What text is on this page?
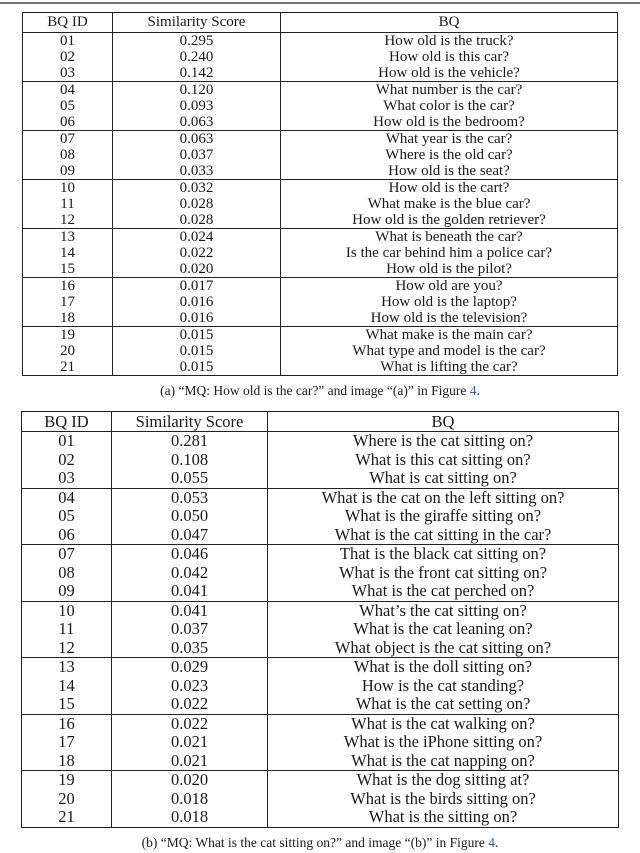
BQ ID	Similarity Score	BQ
01	0.295	How old is the truck?
02	0.240	How old is this car?
03	0.142	How old is the vehicle?
04	0.120	What number is the car?
05	0.093	What color is the car?
06	0.063	How old is the bedroom?
07	0.063	What year is the car?
08	0.037	Where is the old car?
09	0.033	How old is the seat?
10	0.032	How old is the cart?
11	0.028	What make is the blue car?
12	0.028	How old is the golden retriever?
13	0.024	What is beneath the car?
14	0.022	Is the car behind him a police car?
15	0.020	How old is the pilot?
16	0.017	How old are you?
17	0.016	How old is the laptop?
18	0.016	How old is the television?
19	0.015	What make is the main car?
20	0.015	What type and model is the car?
21	0.015	What is lifting the car?
(a) “MQ: How old is the car?” and image “(a)” in Figure 4.
BQ ID	Similarity Score	BQ
01	0.281	Where is the cat sitting on?
02	0.108	What is this cat sitting on?
03	0.055	What is cat sitting on?
04	0.053	What is the cat on the left sitting on?
05	0.050	What is the giraffe sitting on?
06	0.047	What is the cat sitting in the car?
07	0.046	That is the black cat sitting on?
08	0.042	What is the front cat sitting on?
09	0.041	What is the cat perched on?
10	0.041	What’s the cat sitting on?
11	0.037	What is the cat leaning on?
12	0.035	What object is the cat sitting on?
13	0.029	What is the doll sitting on?
14	0.023	How is the cat standing?
15	0.022	What is the cat setting on?
16	0.022	What is the cat walking on?
17	0.021	What is the iPhone sitting on?
18	0.021	What is the cat napping on?
19	0.020	What is the dog sitting at?
20	0.018	What is the birds sitting on?
21	0.018	What is the sitting on?
(b) “MQ: What is the cat sitting on?” and image “(b)” in Figure 4.
